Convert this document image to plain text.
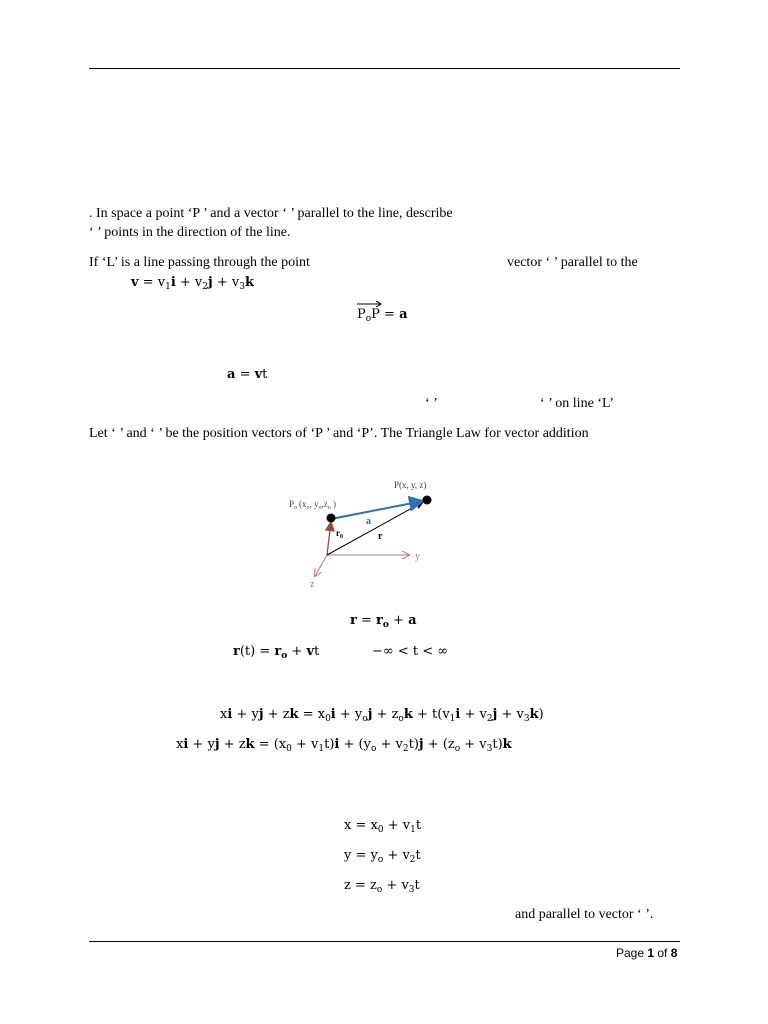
. In space a point ‘P ’ and a vector ‘ ’ parallel to the line, describe
‘ ’ points in the direction of the line.
If ‘L’ is a line passing through the point	vector ‘ ’ parallel to the
$v = v_1i + v_2j + v_3k$
$P_oP = a$
a = vt
‘ ’	‘ ’ on line ‘L’
Let ‘ ’ and ‘ ’ be the position vectors of ‘P ’ and ‘P’. The Triangle Law for vector addition
$P_o$ ($x_o$, $y_o,z_o$ )
P(x, y, z)
a
r
$r_0$
y
z
$r = r_o + a$
$r(t) = r_o$ + vt	−∞ < t < ∞
xi + yj + zk = $x_0i + y_oj + z_ok + t(v_1i + v_2j + v_3k)$
xi + yj + zk = $(x_0 + v_1t)i + (y_o + v_2t)j + (z_o + v_3t)k$
$x = x_0 + v_1t$
$y = y_o + v_2t$
$z = z_o + v_3t$
and parallel to vector ‘ ’.
Page 1 of 8
